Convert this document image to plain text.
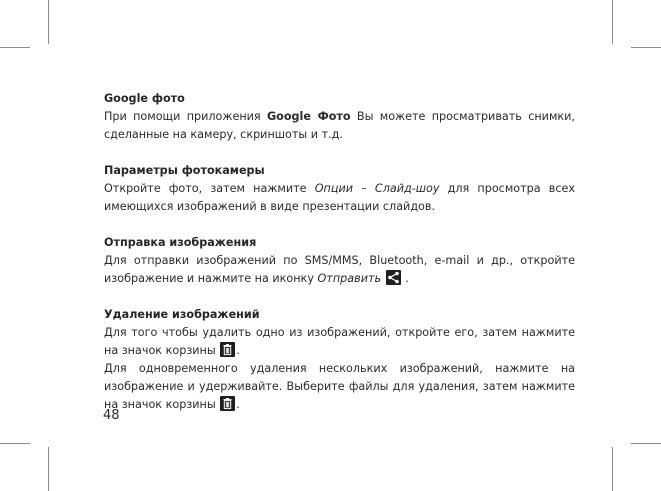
Google фото
При помощи приложения Google Фото Вы можете просматривать снимки, сделанные на камеру, скриншоты и т.д.
Параметры фотокамеры
Откройте фото, затем нажмите Опции – Слайд-шоу для просмотра всех имеющихся изображений в виде презентации слайдов.
Отправка изображения
Для отправки изображений по SMS/MMS, Bluetooth, e-mail и др., откройте изображение и нажмите на иконку Отправить
.
Удаление изображений
Для того чтобы удалить одно из изображений, откройте его, затем нажмите на значок корзины .
Для одновременного удаления нескольких изображений, нажмите на изображение и удерживайте. Выберите файлы для удаления, затем нажмите на значок корзины .
48
